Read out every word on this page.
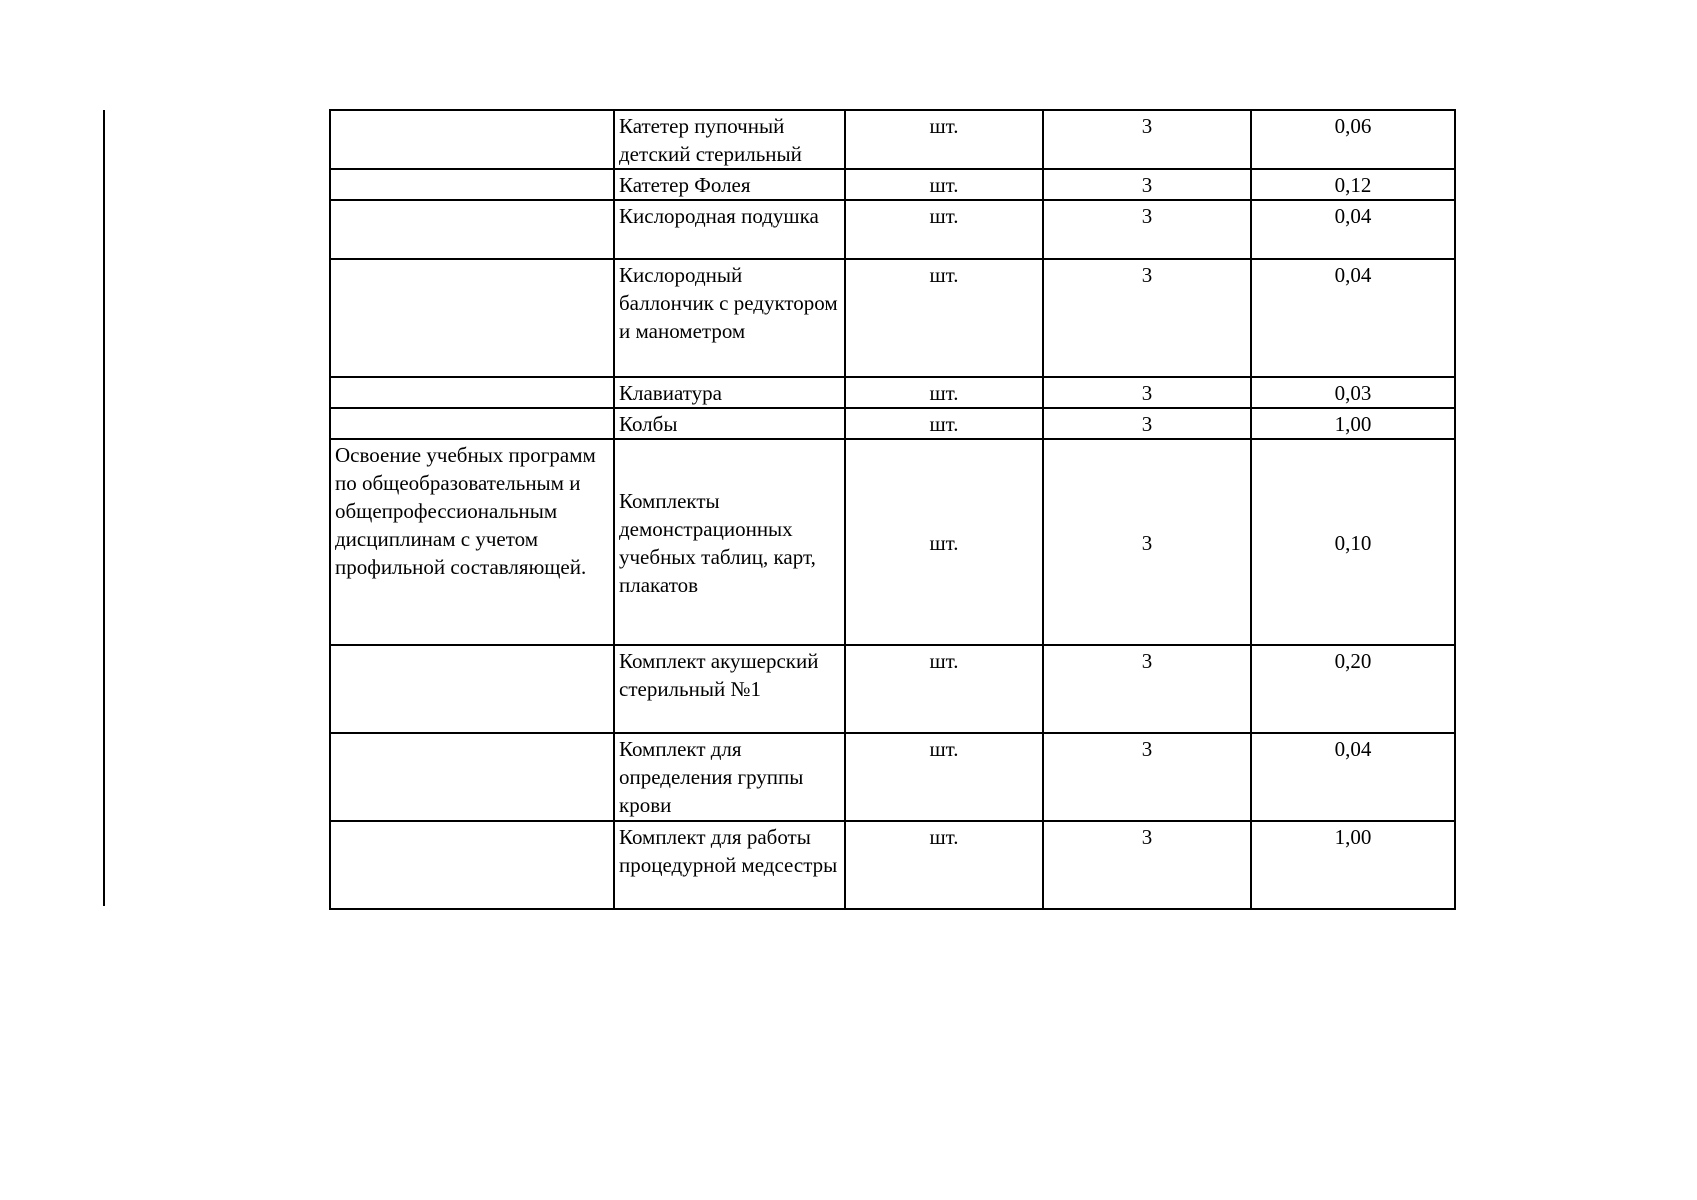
	Катетер пупочный детский стерильный	шт.	3	0,06
	Катетер Фолея	шт.	3	0,12
	Кислородная подушка	шт.	3	0,04
	Кислородный баллончик с редуктором и манометром	шт.	3	0,04
	Клавиатура	шт.	3	0,03
	Колбы	шт.	3	1,00
Освоение учебных программ по общеобразовательным и общепрофессиональным дисциплинам с учетом профильной составляющей.	Комплекты демонстрационных учебных таблиц, карт, плакатов	шт.	3	0,10
	Комплект акушерский стерильный №1	шт.	3	0,20
	Комплект для определения группы крови	шт.	3	0,04
	Комплект для работы процедурной медсестры	шт.	3	1,00
